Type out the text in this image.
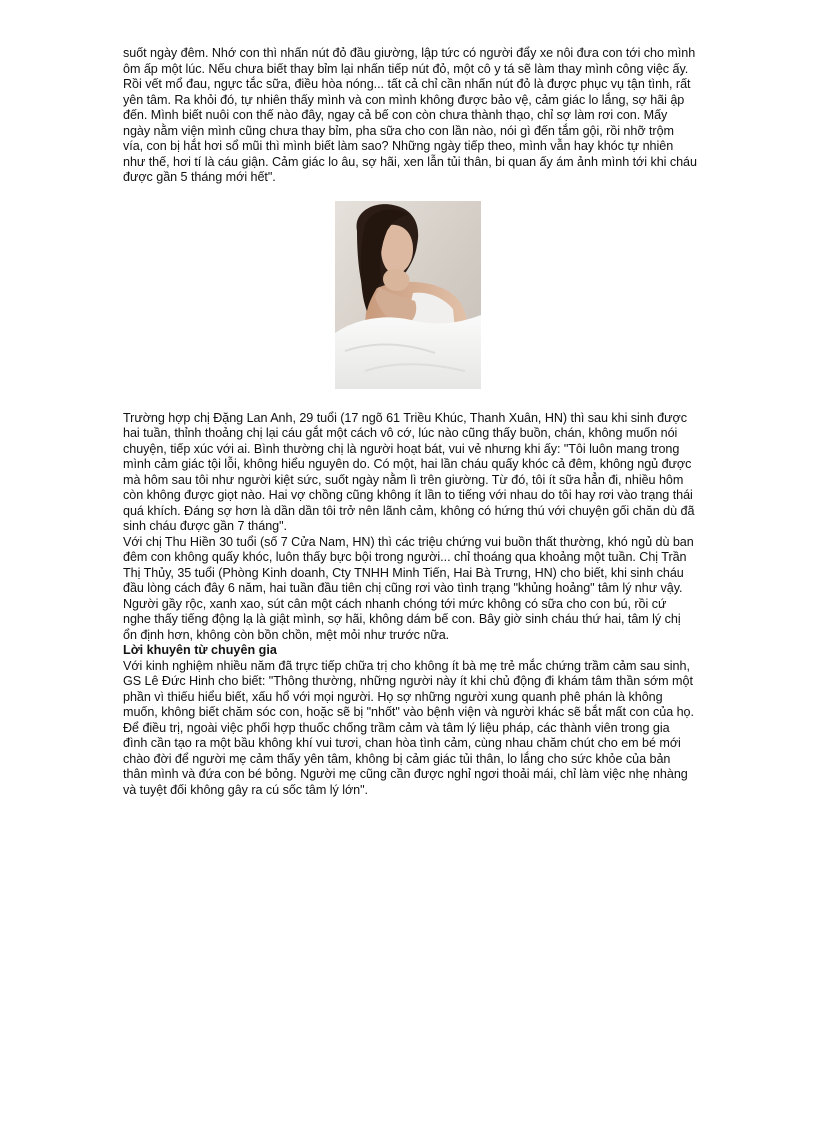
suốt ngày đêm. Nhớ con thì nhấn nút đỏ đầu giường, lập tức có người đẩy xe nôi đưa con tới cho mình ôm ấp một lúc. Nếu chưa biết thay bỉm lại nhấn tiếp nút đỏ, một cô y tá sẽ làm thay mình công việc ấy. Rồi vết mổ đau, ngực tắc sữa, điều hòa nóng... tất cả chỉ cần nhấn nút đỏ là được phục vụ tận tình, rất yên tâm. Ra khỏi đó, tự nhiên thấy mình và con mình không được bảo vệ, cảm giác lo lắng, sợ hãi ập đến. Mình biết nuôi con thế nào đây, ngay cả bế con còn chưa thành thạo, chỉ sợ làm rơi con. Mấy ngày nằm viện mình cũng chưa thay bỉm, pha sữa cho con lần nào, nói gì đến tắm gội, rồi nhỡ trộm vía, con bị hắt hơi sổ mũi thì mình biết làm sao? Những ngày tiếp theo, mình vẫn hay khóc tự nhiên như thế, hơi tí là cáu giận. Cảm giác lo âu, sợ hãi, xen lẫn tủi thân, bi quan ấy ám ảnh mình tới khi cháu được gần 5 tháng mới hết".

Trường hợp chị Đặng Lan Anh, 29 tuổi (17 ngõ 61 Triều Khúc, Thanh Xuân, HN) thì sau khi sinh được hai tuần, thỉnh thoảng chị lại cáu gắt một cách vô cớ, lúc nào cũng thấy buồn, chán, không muốn nói chuyện, tiếp xúc với ai. Bình thường chị là người hoạt bát, vui vẻ nhưng khi ấy: "Tôi luôn mang trong mình cảm giác tội lỗi, không hiểu nguyên do. Có một, hai lần cháu quấy khóc cả đêm, không ngủ được mà hôm sau tôi như người kiệt sức, suốt ngày nằm lì trên giường. Từ đó, tôi ít sữa hẳn đi, nhiều hôm còn không được giọt nào. Hai vợ chồng cũng không ít lần to tiếng với nhau do tôi hay rơi vào trạng thái quá khích. Đáng sợ hơn là dần dần tôi trở nên lãnh cảm, không có hứng thú với chuyện gối chăn dù đã sinh cháu được gần 7 tháng".

Với chị Thu Hiền 30 tuổi (số 7 Cửa Nam, HN) thì các triệu chứng vui buồn thất thường, khó ngủ dù ban đêm con không quấy khóc, luôn thấy bực bội trong người... chỉ thoáng qua khoảng một tuần. Chị Trần Thị Thủy, 35 tuổi (Phòng Kinh doanh, Cty TNHH Minh Tiến, Hai Bà Trưng, HN) cho biết, khi sinh cháu đầu lòng cách đây 6 năm, hai tuần đầu tiên chị cũng rơi vào tình trạng "khủng hoảng" tâm lý như vậy. Người gầy rộc, xanh xao, sút cân một cách nhanh chóng tới mức không có sữa cho con bú, rồi cứ nghe thấy tiếng động lạ là giật mình, sợ hãi, không dám bế con. Bây giờ sinh cháu thứ hai, tâm lý chị ổn định hơn, không còn bồn chồn, mệt mỏi như trước nữa.

Lời khuyên từ chuyên gia

Với kinh nghiệm nhiều năm đã trực tiếp chữa trị cho không ít bà mẹ trẻ mắc chứng trầm cảm sau sinh, GS Lê Đức Hinh cho biết: "Thông thường, những người này ít khi chủ động đi khám tâm thần sớm một phần vì thiếu hiểu biết, xấu hổ với mọi người. Họ sợ những người xung quanh phê phán là không muốn, không biết chăm sóc con, hoặc sẽ bị "nhốt" vào bệnh viện và người khác sẽ bắt mất con của họ. Để điều trị, ngoài việc phối hợp thuốc chống trầm cảm và tâm lý liệu pháp, các thành viên trong gia đình cần tạo ra một bầu không khí vui tươi, chan hòa tình cảm, cùng nhau chăm chút cho em bé mới chào đời để người mẹ cảm thấy yên tâm, không bị cảm giác tủi thân, lo lắng cho sức khỏe của bản thân mình và đứa con bé bỏng. Người mẹ cũng cần được nghỉ ngơi thoải mái, chỉ làm việc nhẹ nhàng và tuyệt đối không gây ra cú sốc tâm lý lớn".
